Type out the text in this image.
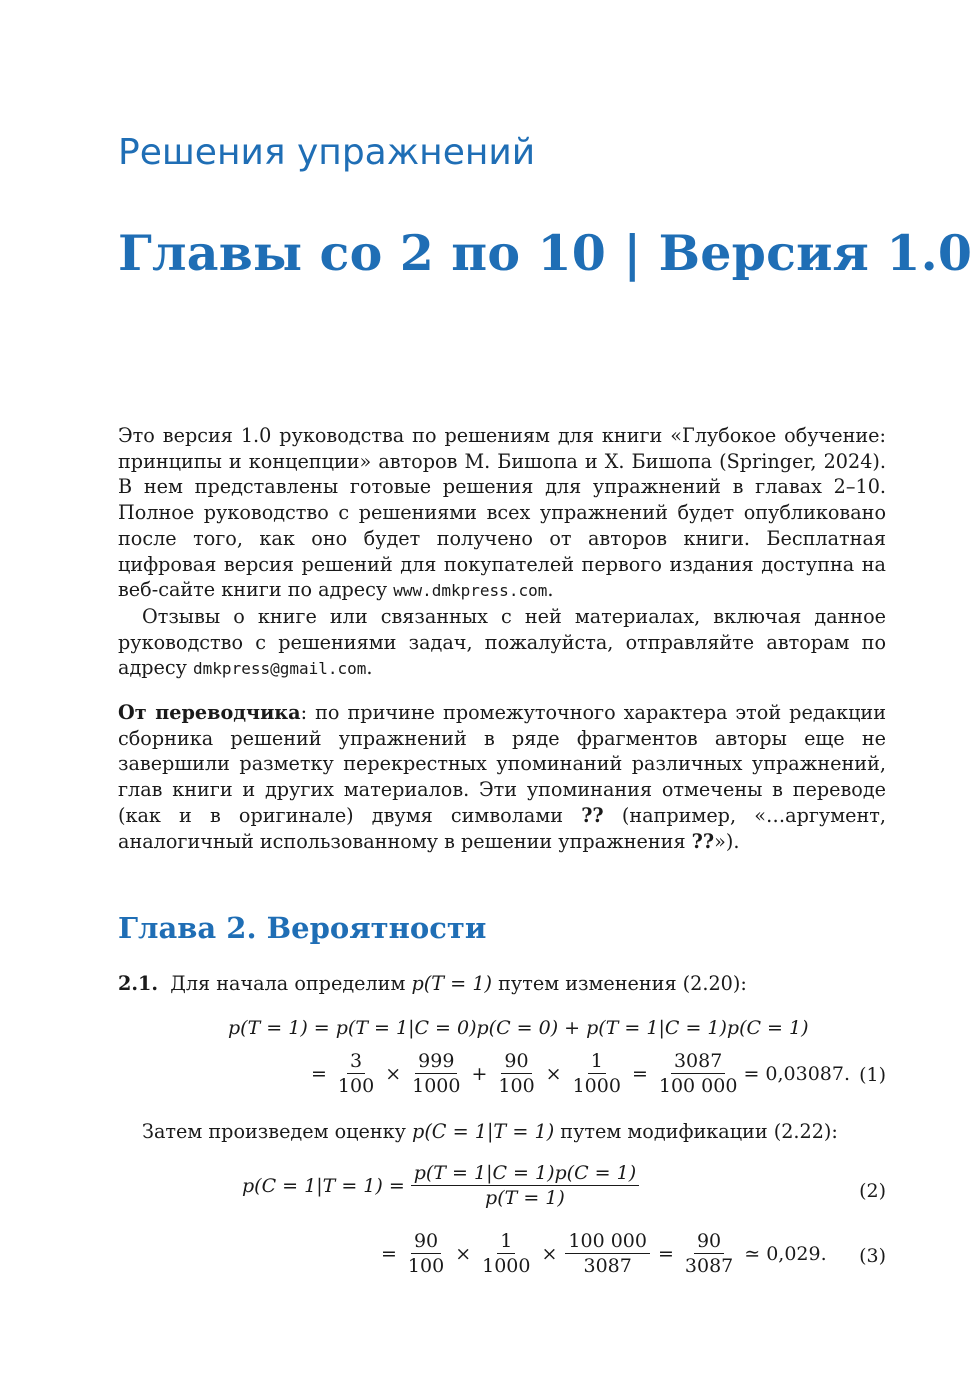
Решения упражнений
Главы со 2 по 10 | Версия 1.0

Это версия 1.0 руководства по решениям для книги «Глубокое обучение: принципы и концепции» авторов М. Бишопа и Х. Бишопа (Springer, 2024). В нем представлены готовые решения для упражнений в главах 2–10. Полное руководство с решениями всех упражнений будет опубликовано после того, как оно будет получено от авторов книги. Бесплатная цифровая версия решений для покупателей первого издания доступна на веб-сайте книги по адресу www.dmkpress.com.

Отзывы о книге или связанных с ней материалах, включая данное руководство с решениями задач, пожалуйста, отправляйте авторам по адресу dmkpress@gmail.com.

От переводчика: по причине промежуточного характера этой редакции сборника решений упражнений в ряде фрагментов авторы еще не завершили разметку перекрестных упоминаний различных упражнений, глав книги и других материалов. Эти упоминания отмечены в переводе (как и в оригинале) двумя символами ?? (например, «…аргумент, аналогичный использованному в решении упражнения ??»).

Глава 2. Вероятности
2.1. Для начала определим p(T = 1) путем изменения (2.20):
p(T = 1) = p(T = 1|C = 0)p(C = 0) + p(T = 1|C = 1)p(C = 1)
= $\frac{3}{100} \times \frac{999}{1000} + \frac{90}{100} \times \frac{1}{1000} = \frac{3087}{100 000} = 0,03087$. (1)
Затем произведем оценку p(C = 1|T = 1) путем модификации (2.22):
$p(C = 1|T = 1) = \frac{p(T = 1|C = 1)p(C = 1)}{p(T = 1)}$	(2)
= $\frac{90}{100} \times \frac{1}{1000} \times \frac{100 000}{3087} = \frac{90}{3087}$ ≃ 0,029. (3)
